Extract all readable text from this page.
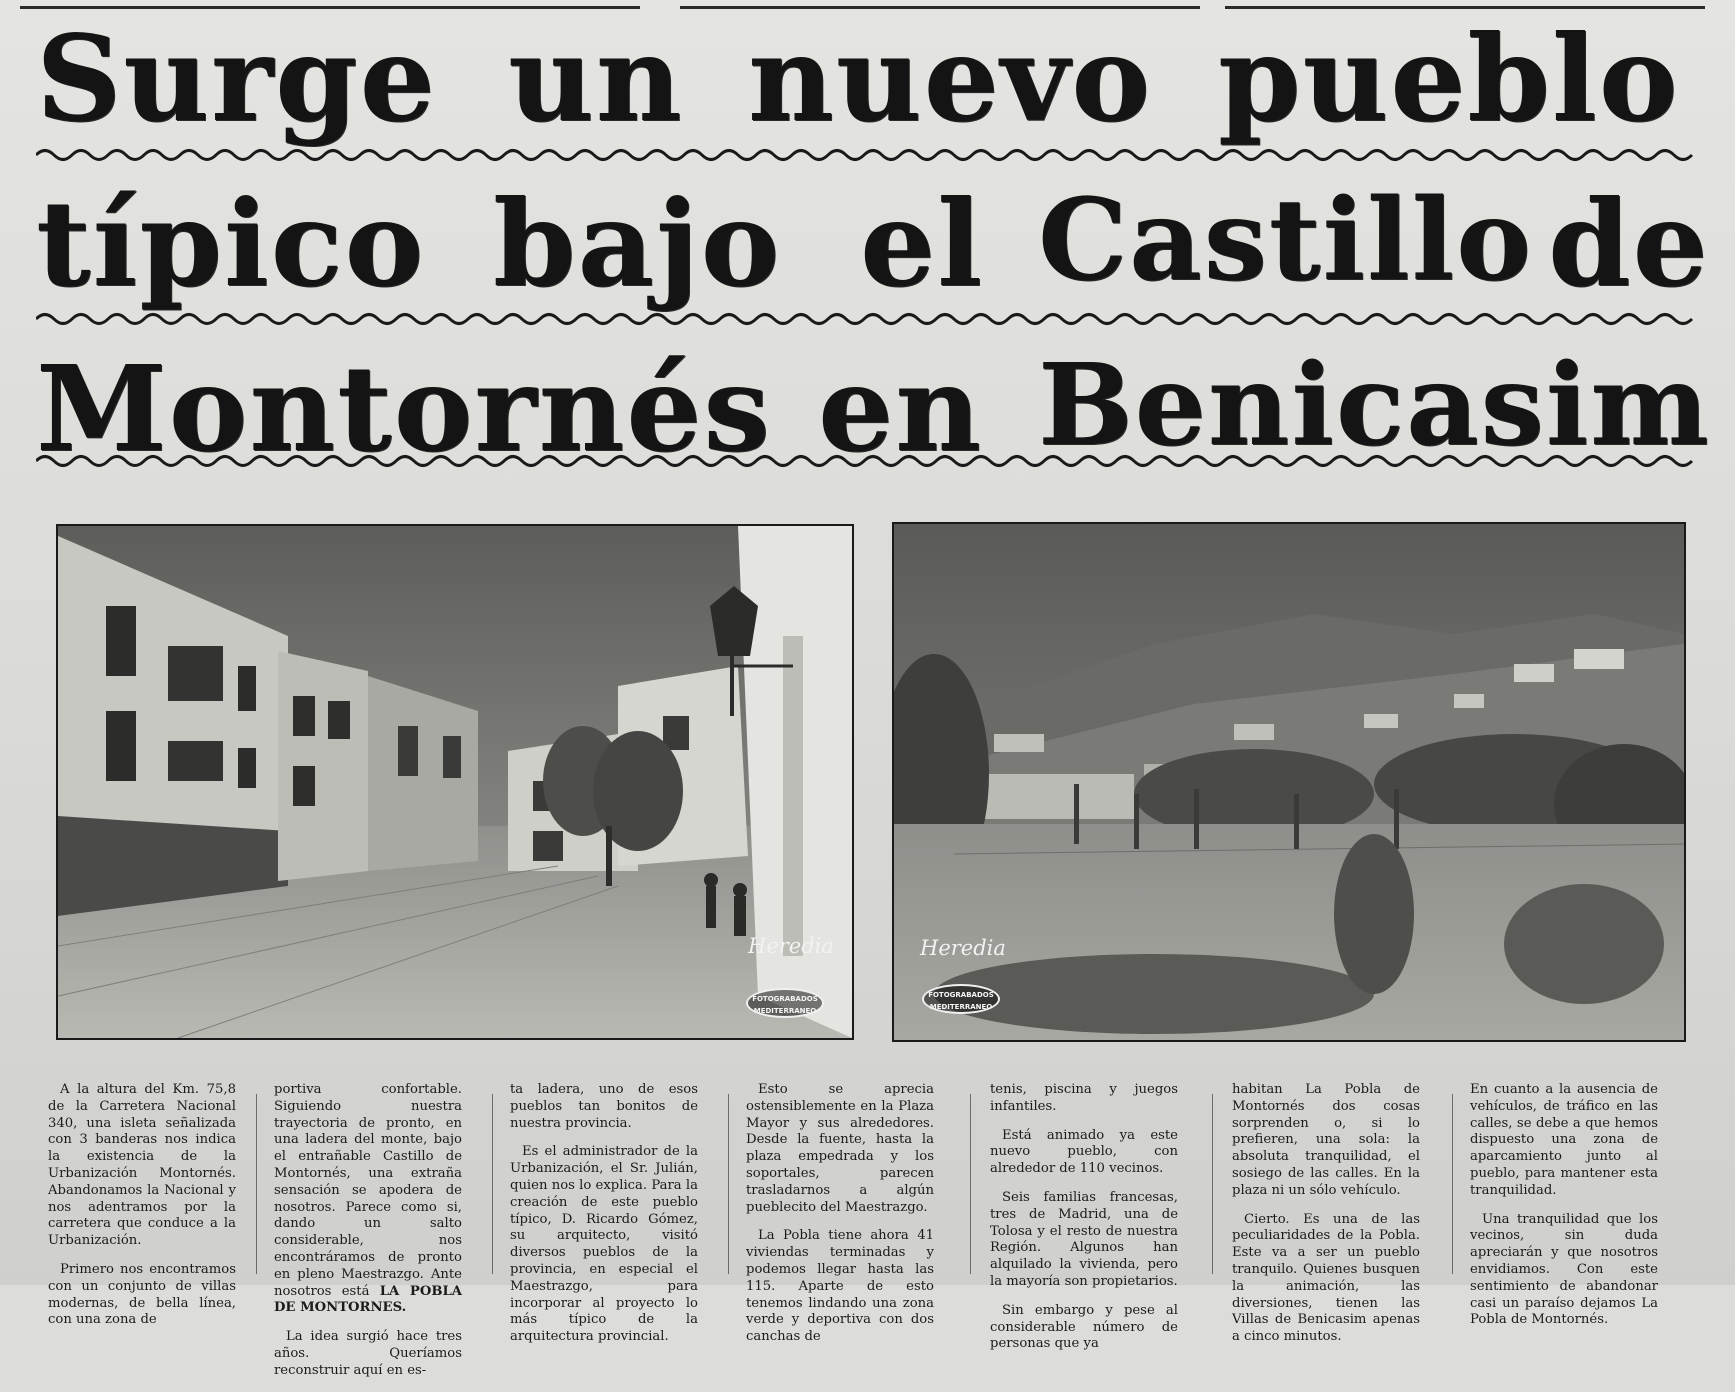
Surge un nuevo pueblo
típico bajo el Castillo de
Montornés en Benicasim
Heredia
FOTOGRABADOS
MEDITERRANEO
Heredia
FOTOGRABADOS
MEDITERRANEO

A la altura del Km. 75,8 de la Carretera Nacional 340, una isleta señalizada con 3 banderas nos indica la existencia de la Urbanización Montornés. Abandonamos la Nacional y nos adentramos por la carretera que conduce a la Urbanización.

Primero nos encontramos con un conjunto de villas modernas, de bella línea, con una zona de

portiva confortable. Siguiendo nuestra trayectoria de pronto, en una ladera del monte, bajo el entrañable Castillo de Montornés, una extraña sensación se apodera de nosotros. Parece como si, dando un salto considerable, nos encontráramos de pronto en pleno Maestrazgo. Ante nosotros está LA POBLA DE MONTORNES.

La idea surgió hace tres años. Queríamos reconstruir aquí en es-

ta ladera, uno de esos pueblos tan bonitos de nuestra provincia.

Es el administrador de la Urbanización, el Sr. Julián, quien nos lo explica. Para la creación de este pueblo típico, D. Ricardo Gómez, su arquitecto, visitó diversos pueblos de la provincia, en especial el Maestrazgo, para incorporar al proyecto lo más típico de la arquitectura provincial.

Esto se aprecia ostensiblemente en la Plaza Mayor y sus alrededores. Desde la fuente, hasta la plaza empedrada y los soportales, parecen trasladarnos a algún pueblecito del Maestrazgo.

La Pobla tiene ahora 41 viviendas terminadas y podemos llegar hasta las 115. Aparte de esto tenemos lindando una zona verde y deportiva con dos canchas de

tenis, piscina y juegos infantiles.

Está animado ya este nuevo pueblo, con alrededor de 110 vecinos.

Seis familias francesas, tres de Madrid, una de Tolosa y el resto de nuestra Región. Algunos han alquilado la vivienda, pero la mayoría son propietarios.

Sin embargo y pese al considerable número de personas que ya

habitan La Pobla de Montornés dos cosas sorprenden o, si lo prefieren, una sola: la absoluta tranquilidad, el sosiego de las calles. En la plaza ni un sólo vehículo.

Cierto. Es una de las peculiaridades de la Pobla. Este va a ser un pueblo tranquilo. Quienes busquen la animación, las diversiones, tienen las Villas de Benicasim apenas a cinco minutos.

En cuanto a la ausencia de vehículos, de tráfico en las calles, se debe a que hemos dispuesto una zona de aparcamiento junto al pueblo, para mantener esta tranquilidad.

Una tranquilidad que los vecinos, sin duda apreciarán y que nosotros envidiamos. Con este sentimiento de abandonar casi un paraíso dejamos La Pobla de Montornés.
